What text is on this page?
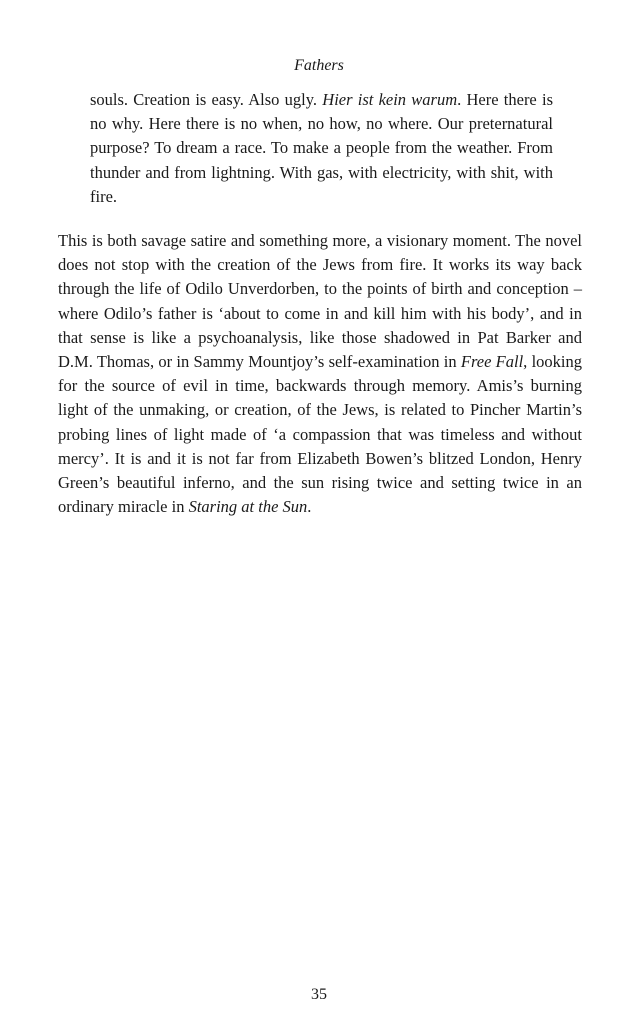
Fathers

souls. Creation is easy. Also ugly. Hier ist kein warum. Here there is no why. Here there is no when, no how, no where. Our preternatural purpose? To dream a race. To make a people from the weather. From thunder and from lightning. With gas, with electricity, with shit, with fire.

This is both savage satire and something more, a visionary moment. The novel does not stop with the creation of the Jews from fire. It works its way back through the life of Odilo Unverdorben, to the points of birth and conception – where Odilo’s father is ‘about to come in and kill him with his body’, and in that sense is like a psychoanalysis, like those shadowed in Pat Barker and D.M. Thomas, or in Sammy Mountjoy’s self-examination in Free Fall, looking for the source of evil in time, backwards through memory. Amis’s burning light of the unmaking, or creation, of the Jews, is related to Pincher Martin’s probing lines of light made of ‘a compassion that was timeless and without mercy’. It is and it is not far from Elizabeth Bowen’s blitzed London, Henry Green’s beautiful inferno, and the sun rising twice and setting twice in an ordinary miracle in Staring at the Sun.

35
